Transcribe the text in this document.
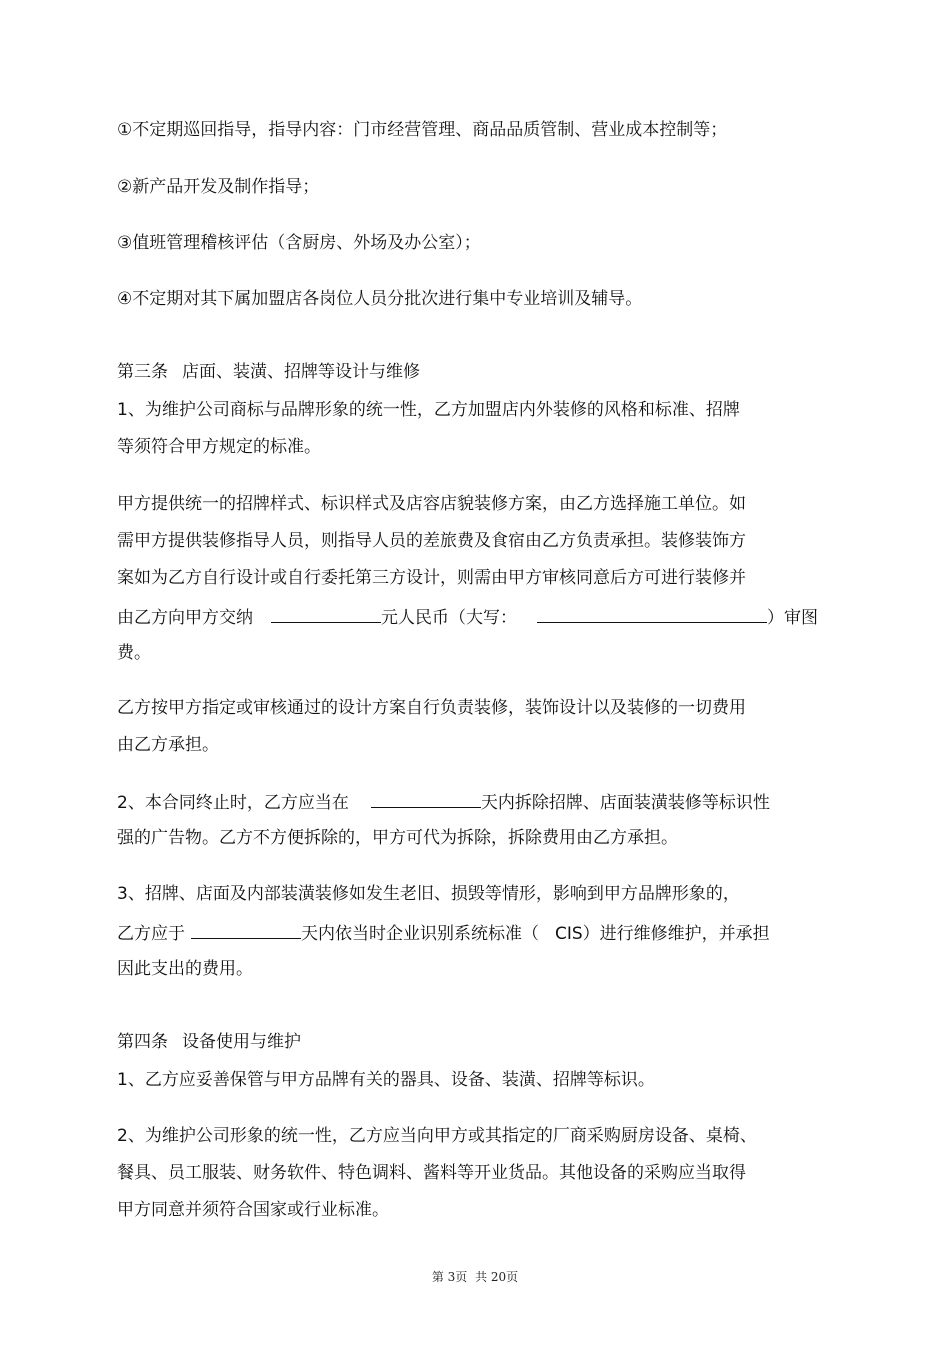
①不定期巡回指导，指导内容：门市经营管理、商品品质管制、营业成本控制等；
②新产品开发及制作指导；
③值班管理稽核评估（含厨房、外场及办公室）；
④不定期对其下属加盟店各岗位人员分批次进行集中专业培训及辅导。
第三条 店面、装潢、招牌等设计与维修
1、为维护公司商标与品牌形象的统一性，乙方加盟店内外装修的风格和标准、招牌
等须符合甲方规定的标准。
甲方提供统一的招牌样式、标识样式及店容店貌装修方案，由乙方选择施工单位。如
需甲方提供装修指导人员，则指导人员的差旅费及食宿由乙方负责承担。装修装饰方
案如为乙方自行设计或自行委托第三方设计，则需由甲方审核同意后方可进行装修并
由乙方向甲方交纳	元人民币（大写：	）审图
费。
乙方按甲方指定或审核通过的设计方案自行负责装修，装饰设计以及装修的一切费用
由乙方承担。
2、本合同终止时，乙方应当在	天内拆除招牌、店面装潢装修等标识性
强的广告物。乙方不方便拆除的，甲方可代为拆除，拆除费用由乙方承担。
3、招牌、店面及内部装潢装修如发生老旧、损毁等情形，影响到甲方品牌形象的，
乙方应于	天内依当时企业识别系统标准（ CIS）进行维修维护，并承担
因此支出的费用。
第四条 设备使用与维护
1、乙方应妥善保管与甲方品牌有关的器具、设备、装潢、招牌等标识。
2、为维护公司形象的统一性，乙方应当向甲方或其指定的厂商采购厨房设备、桌椅、
餐具、员工服装、财务软件、特色调料、酱料等开业货品。其他设备的采购应当取得
甲方同意并须符合国家或行业标准。
第 3页 共 20页
